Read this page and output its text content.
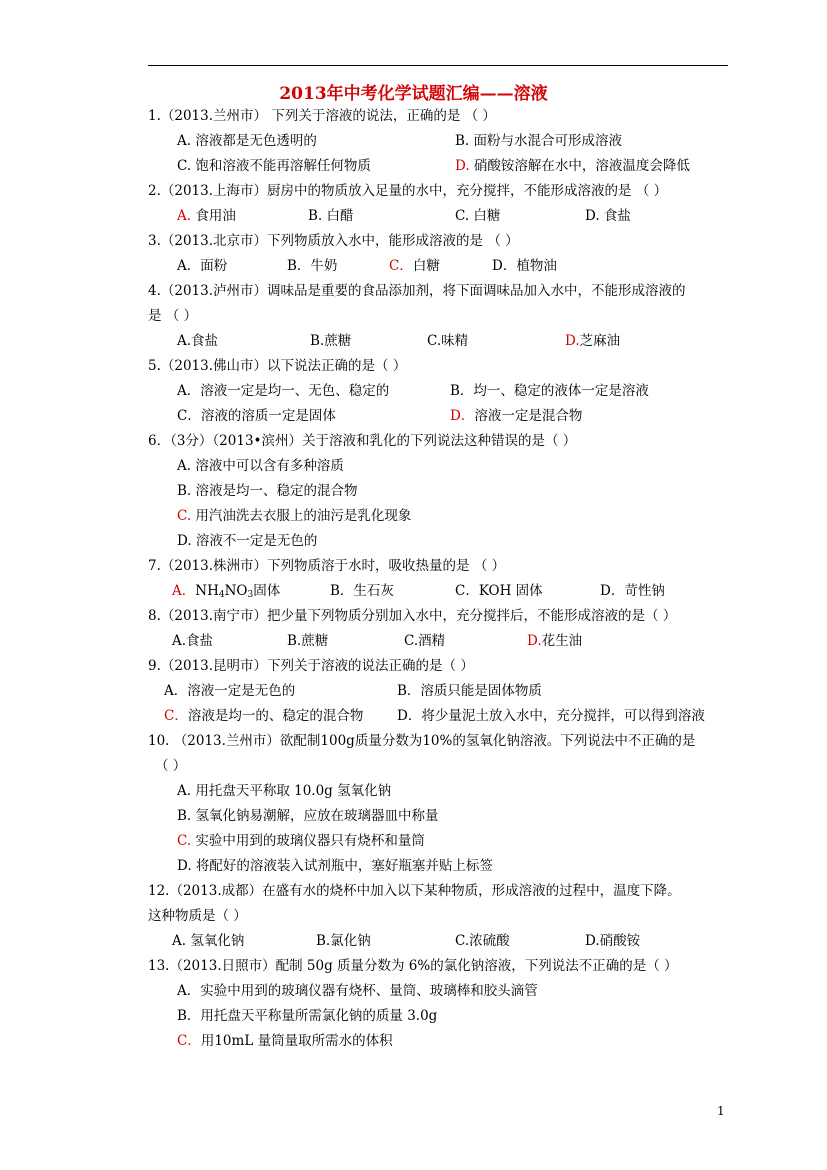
2013年中考化学试题汇编——溶液
1.（2013.兰州市） 下列关于溶液的说法，正确的是 （ ）
A. 溶液都是无色透明的	B. 面粉与水混合可形成溶液
C. 饱和溶液不能再溶解任何物质	D. 硝酸铵溶解在水中，溶液温度会降低
2.（2013.上海市）厨房中的物质放入足量的水中，充分搅拌，不能形成溶液的是 （ ）
A. 食用油	B. 白醋	C. 白糖	D. 食盐
3.（2013.北京市）下列物质放入水中，能形成溶液的是 （ ）
A．面粉	B．牛奶	C．白糖	D．植物油
4.（2013.泸州市）调味品是重要的食品添加剂，将下面调味品加入水中，不能形成溶液的
是 （ ）
A.食盐	B.蔗糖	C.味精	D.芝麻油
5.（2013.佛山市）以下说法正确的是（ ）
A．溶液一定是均一、无色、稳定的	B．均一、稳定的液体一定是溶液
C．溶液的溶质一定是固体	D．溶液一定是混合物
6．（3分）（2013•滨州）关于溶液和乳化的下列说法这种错误的是（ ）
A. 溶液中可以含有多种溶质
B. 溶液是均一、稳定的混合物
C. 用汽油洗去衣服上的油污是乳化现象
D. 溶液不一定是无色的
7.（2013.株洲市）下列物质溶于水时，吸收热量的是 （ ）
A．$NH_4NO_3$固体	B．生石灰	C．KOH 固体	D．苛性钠
8.（2013.南宁市）把少量下列物质分别加入水中，充分搅拌后，不能形成溶液的是（ ）
A.食盐	B.蔗糖	C.酒精	D.花生油
9.（2013.昆明市）下列关于溶液的说法正确的是（ ）
A．溶液一定是无色的	B．溶质只能是固体物质
C．溶液是均一的、稳定的混合物 D．将少量泥土放入水中，充分搅拌，可以得到溶液
10. （2013.兰州市）欲配制100g质量分数为10%的氢氧化钠溶液。下列说法中不正确的是
（ ）
A. 用托盘天平称取 10.0g 氢氧化钠
B. 氢氧化钠易潮解，应放在玻璃器皿中称量
C. 实验中用到的玻璃仪器只有烧杯和量筒
D. 将配好的溶液装入试剂瓶中，塞好瓶塞并贴上标签
12.（2013.成都）在盛有水的烧杯中加入以下某种物质，形成溶液的过程中，温度下降。
这种物质是（ ）
A. 氢氧化钠	B.氯化钠	C.浓硫酸	D.硝酸铵
13.（2013.日照市）配制 50g 质量分数为 6%的氯化钠溶液，下列说法不正确的是（ ）
A．实验中用到的玻璃仪器有烧杯、量筒、玻璃棒和胶头滴管
B．用托盘天平称量所需氯化钠的质量 3.0g
C．用10mL 量筒量取所需水的体积
1
